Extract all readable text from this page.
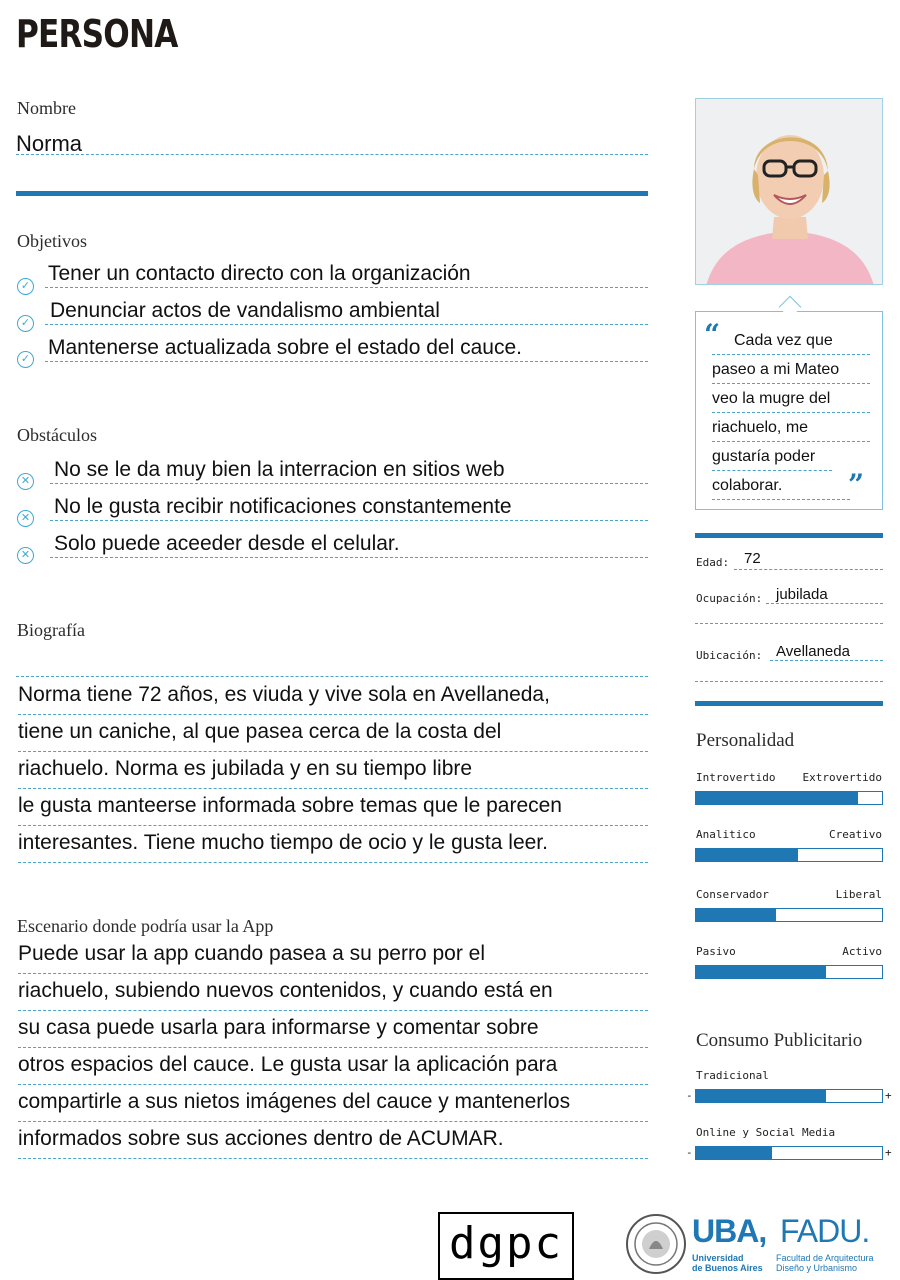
PERSONA
Nombre
Norma
Objetivos
✓
Tener un contacto directo con la organización
✓
Denunciar actos de vandalismo ambiental
✓ Mantenerse actualizada sobre el estado del cauce.
Obstáculos
✕ No se le da muy bien la interracion en sitios web
✕ No le gusta recibir notificaciones constantemente
✕ Solo puede aceeder desde el celular.
Biografía
Norma tiene 72 años, es viuda y vive sola en Avellaneda,
tiene un caniche, al que pasea cerca de la costa del
riachuelo. Norma es jubilada y en su tiempo libre
le gusta manteerse informada sobre temas que le parecen
interesantes. Tiene mucho tiempo de ocio y le gusta leer.
Escenario donde podría usar la App
Puede usar la app cuando pasea a su perro por el
riachuelo, subiendo nuevos contenidos, y cuando está en
su casa puede usarla para informarse y comentar sobre
otros espacios del cauce. Le gusta usar la aplicación para
compartirle a sus nietos imágenes del cauce y mantenerlos
informados sobre sus acciones dentro de ACUMAR.
“ Cada vez que
paseo a mi Mateo
veo la mugre del
riachuelo, me
gustaría poder
colaborar.	”
Edad: 72
Ocupación: jubilada
Ubicación: Avellaneda
Personalidad
Introvertido Extrovertido
Analitico	Creativo
Conservador	Liberal
Pasivo	Activo
Consumo Publicitario
Tradicional
-	+
Online y Social Media
-	+
dgpc	UBA, FADU.
Universidad
de Buenos Aires
Facultad de Arquitectura
Diseño y Urbanismo
